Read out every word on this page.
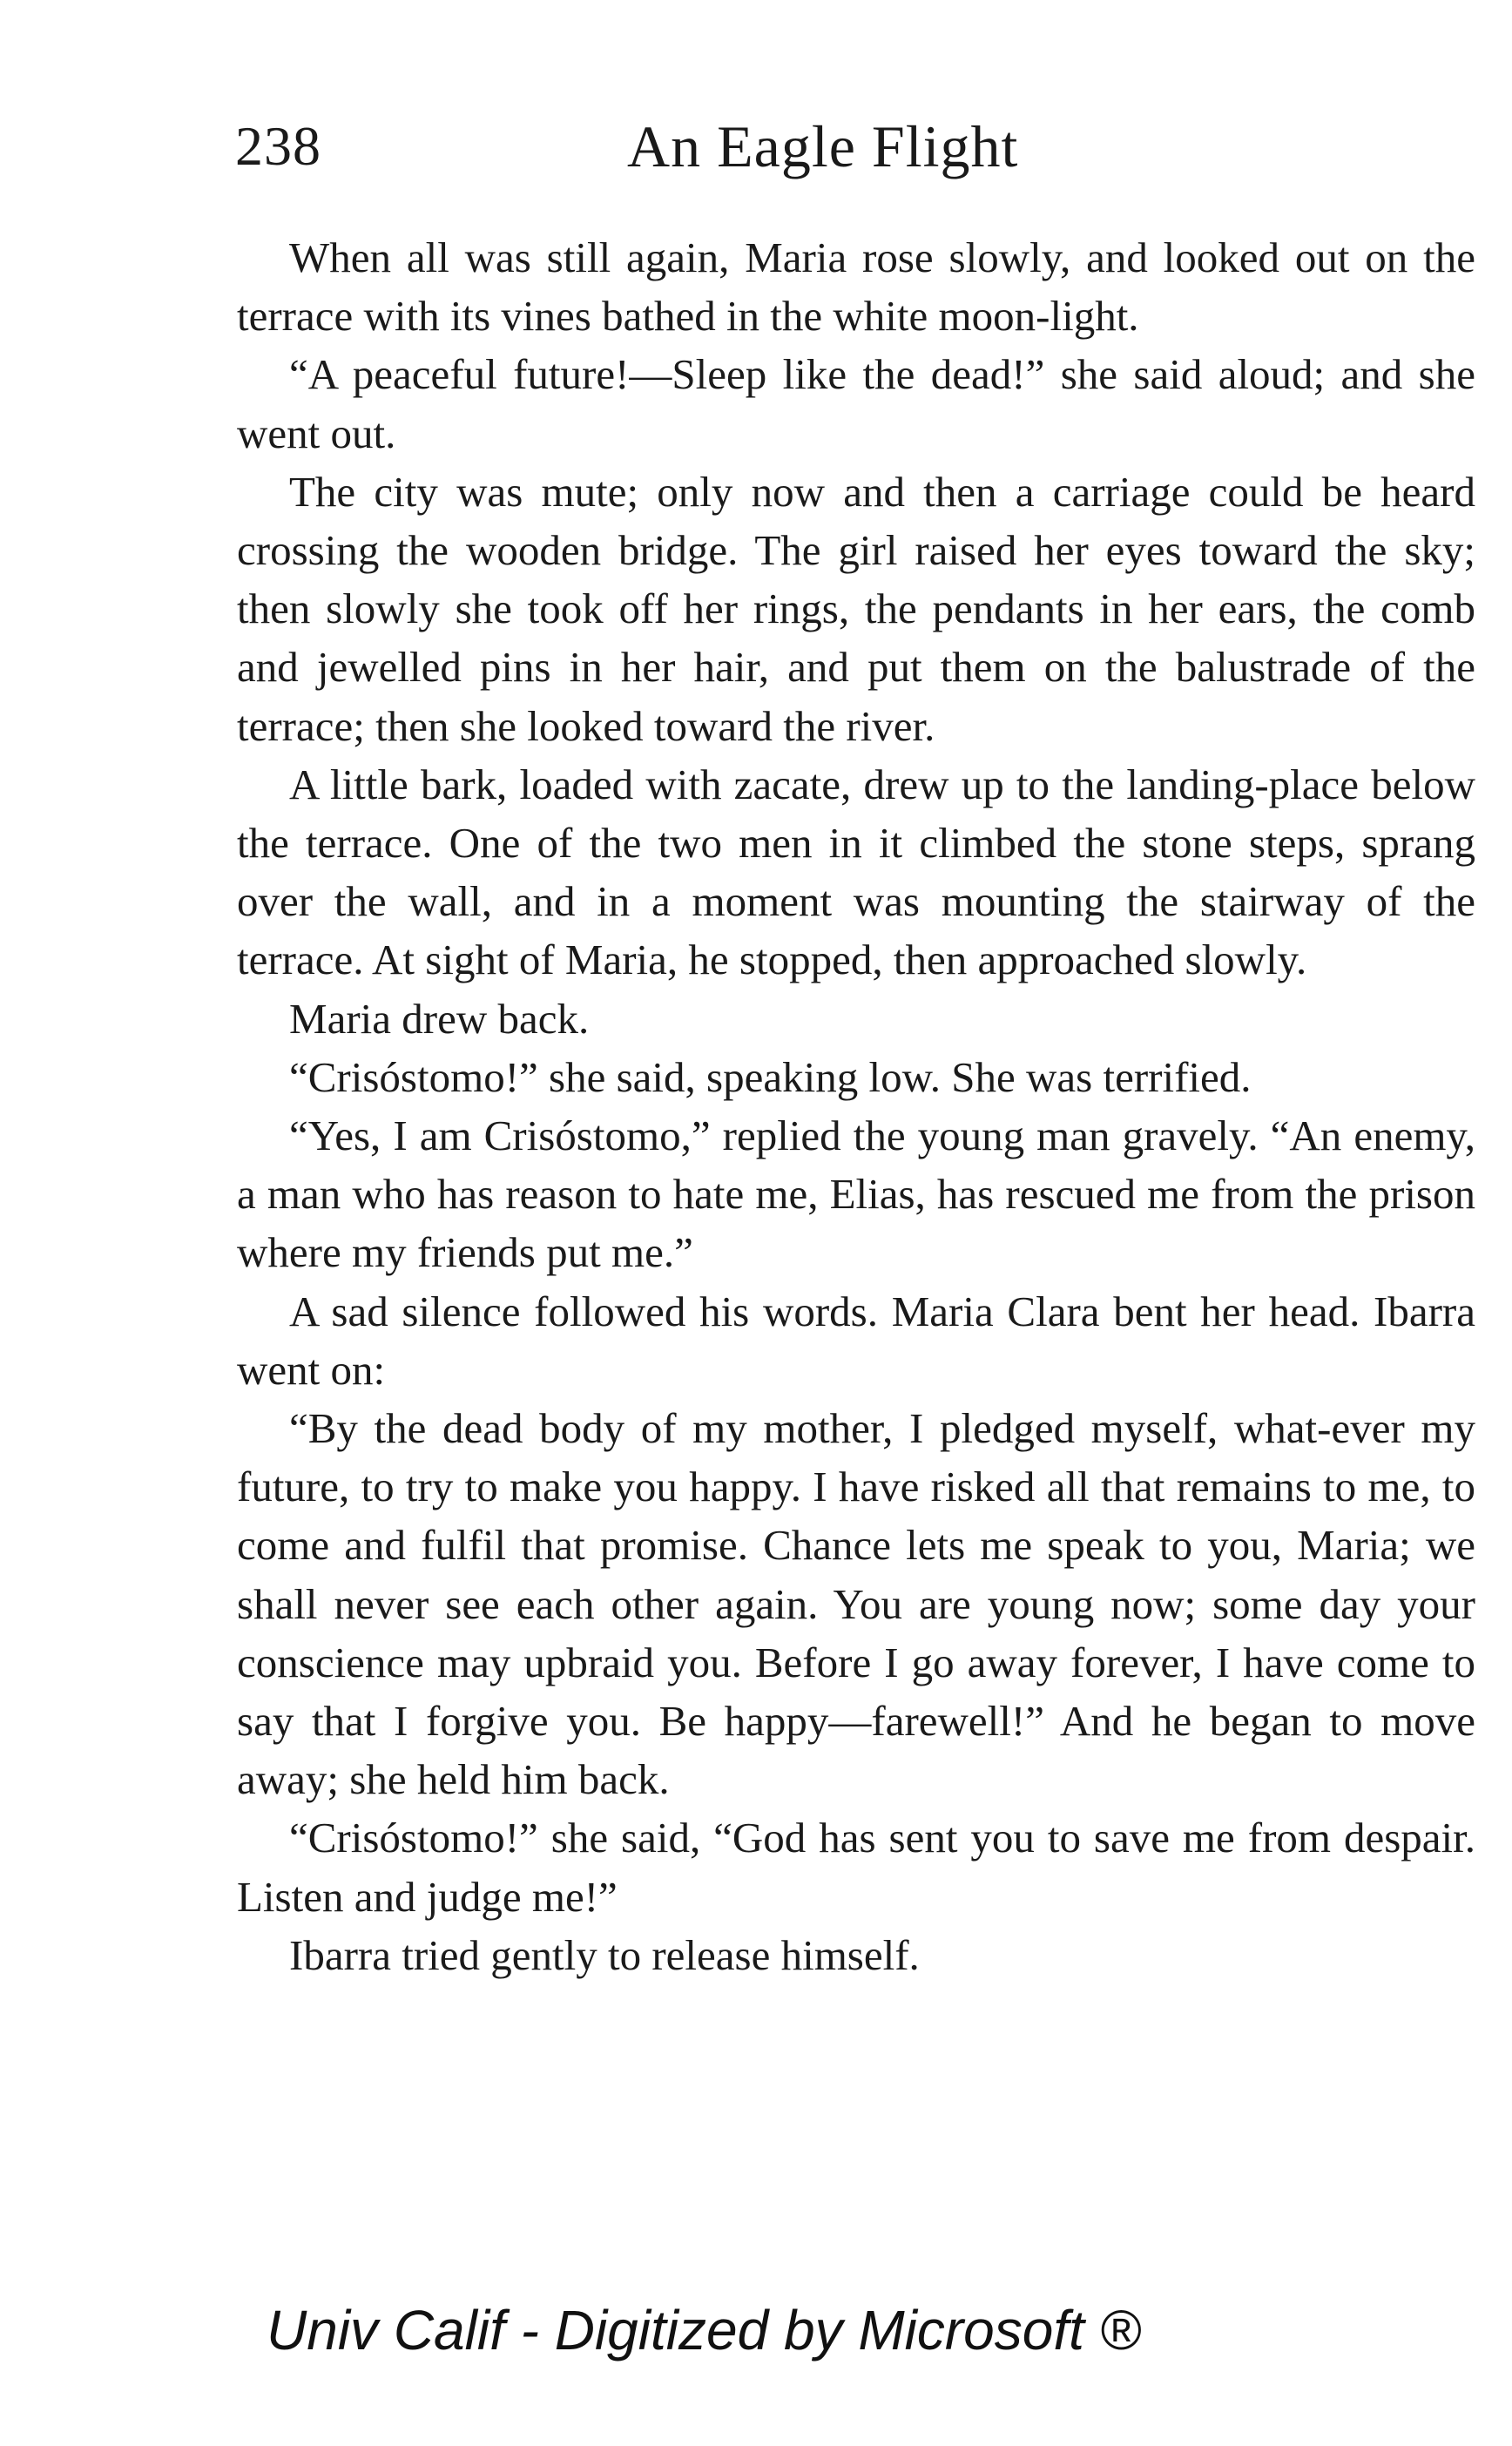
238	An Eagle Flight

When all was still again, Maria rose slowly, and looked out on the terrace with its vines bathed in the white moon-light.

“A peaceful future!—Sleep like the dead!” she said aloud; and she went out.

The city was mute; only now and then a carriage could be heard crossing the wooden bridge. The girl raised her eyes toward the sky; then slowly she took off her rings, the pendants in her ears, the comb and jewelled pins in her hair, and put them on the balustrade of the terrace; then she looked toward the river.

A little bark, loaded with zacate, drew up to the landing-place below the terrace. One of the two men in it climbed the stone steps, sprang over the wall, and in a moment was mounting the stairway of the terrace. At sight of Maria, he stopped, then approached slowly.

Maria drew back.

“Crisóstomo!” she said, speaking low. She was terrified.

“Yes, I am Crisóstomo,” replied the young man gravely. “An enemy, a man who has reason to hate me, Elias, has rescued me from the prison where my friends put me.”

A sad silence followed his words. Maria Clara bent her head. Ibarra went on:

“By the dead body of my mother, I pledged myself, what-ever my future, to try to make you happy. I have risked all that remains to me, to come and fulfil that promise. Chance lets me speak to you, Maria; we shall never see each other again. You are young now; some day your conscience may upbraid you. Before I go away forever, I have come to say that I forgive you. Be happy—farewell!” And he began to move away; she held him back.

“Crisóstomo!” she said, “God has sent you to save me from despair. Listen and judge me!”

Ibarra tried gently to release himself.

Univ Calif - Digitized by Microsoft ®
